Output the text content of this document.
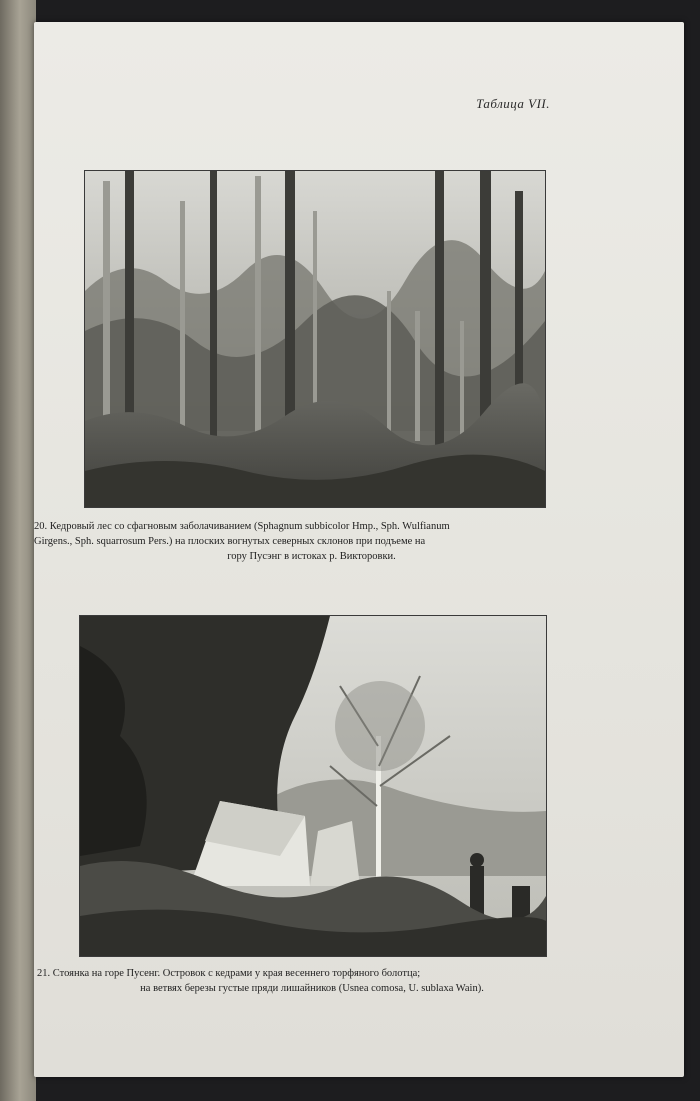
Таблица VII.
20. Кедровый лес со сфагновым заболачиванием (Sphagnum subbicolor Hmp., Sph. Wulfianum
Girgens., Sph. squarrosum Pers.) на плоских вогнутых северных склонов при подъеме на
гору Пусэнг в истоках р. Викторовки.
21. Стоянка на горе Пусенг. Островок с кедрами у края весеннего торфяного болотца;
на ветвях березы густые пряди лишайников (Usnea comosa, U. sublaxa Wain).
